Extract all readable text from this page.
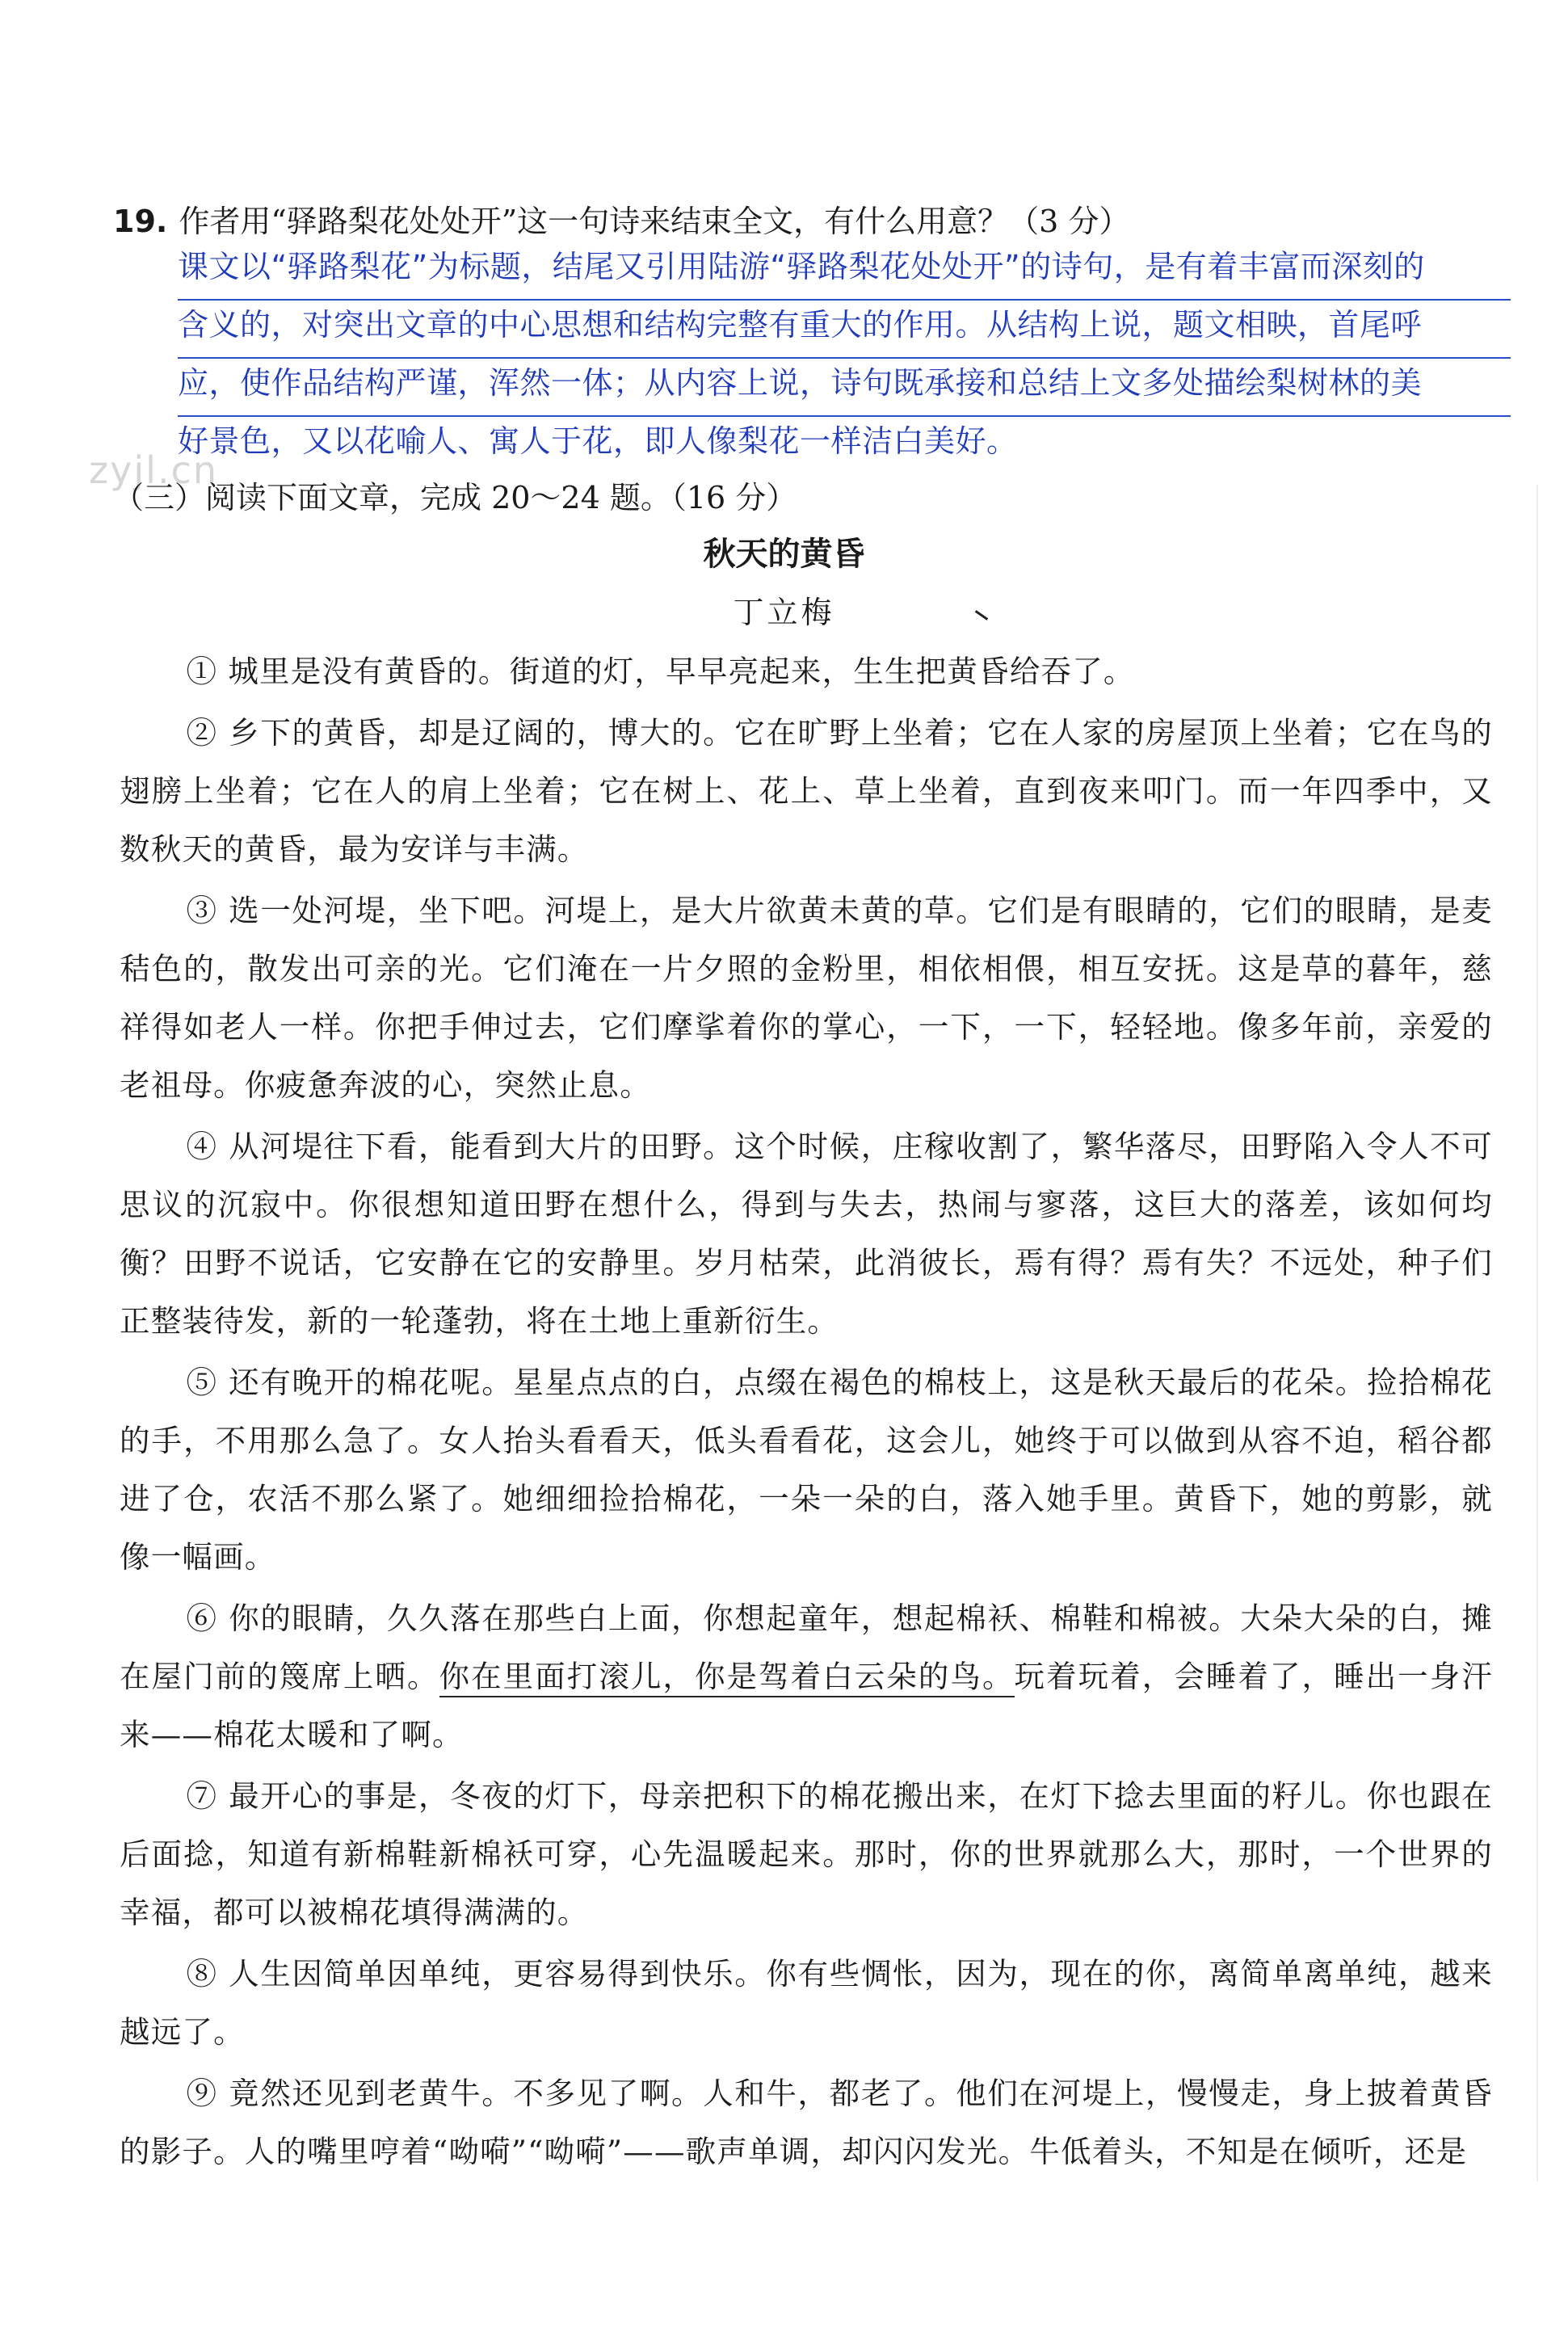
19. 作者用“驿路梨花处处开”这一句诗来结束全文，有什么用意？（3 分）
课文以“驿路梨花”为标题，结尾又引用陆游“驿路梨花处处开”的诗句，是有着丰富而深刻的
含义的，对突出文章的中心思想和结构完整有重大的作用。从结构上说，题文相映，首尾呼
应，使作品结构严谨，浑然一体；从内容上说，诗句既承接和总结上文多处描绘梨树林的美
好景色，又以花喻人、寓人于花，即人像梨花一样洁白美好。
zyjl.cn
（三）阅读下面文章，完成 20～24 题。（16 分）
秋天的黄昏
丁立梅

① 城里是没有黄昏的。街道的灯，早早亮起来，生生把黄昏给吞了。

② 乡下的黄昏，却是辽阔的，博大的。它在旷野上坐着；它在人家的房屋顶上坐着；它在鸟的翅膀上坐着；它在人的肩上坐着；它在树上、花上、草上坐着，直到夜来叩门。而一年四季中，又数秋天的黄昏，最为安详与丰满。

③ 选一处河堤，坐下吧。河堤上，是大片欲黄未黄的草。它们是有眼睛的，它们的眼睛，是麦秸色的，散发出可亲的光。它们淹在一片夕照的金粉里，相依相偎，相互安抚。这是草的暮年，慈祥得如老人一样。你把手伸过去，它们摩挲着你的掌心，一下，一下，轻轻地。像多年前，亲爱的老祖母。你疲惫奔波的心，突然止息。

④ 从河堤往下看，能看到大片的田野。这个时候，庄稼收割了，繁华落尽，田野陷入令人不可思议的沉寂中。你很想知道田野在想什么，得到与失去，热闹与寥落，这巨大的落差，该如何均衡？田野不说话，它安静在它的安静里。岁月枯荣，此消彼长，焉有得？焉有失？不远处，种子们正整装待发，新的一轮蓬勃，将在土地上重新衍生。

⑤ 还有晚开的棉花呢。星星点点的白，点缀在褐色的棉枝上，这是秋天最后的花朵。捡拾棉花的手，不用那么急了。女人抬头看看天，低头看看花，这会儿，她终于可以做到从容不迫，稻谷都进了仓，农活不那么紧了。她细细捡拾棉花，一朵一朵的白，落入她手里。黄昏下，她的剪影，就像一幅画。

⑥ 你的眼睛，久久落在那些白上面，你想起童年，想起棉袄、棉鞋和棉被。大朵大朵的白，摊在屋门前的篾席上晒。你在里面打滚儿，你是驾着白云朵的鸟。玩着玩着，会睡着了，睡出一身汗来——棉花太暖和了啊。

⑦ 最开心的事是，冬夜的灯下，母亲把积下的棉花搬出来，在灯下捻去里面的籽儿。你也跟在后面捻，知道有新棉鞋新棉袄可穿，心先温暖起来。那时，你的世界就那么大，那时，一个世界的幸福，都可以被棉花填得满满的。

⑧ 人生因简单因单纯，更容易得到快乐。你有些惆怅，因为，现在的你，离简单离单纯，越来越远了。

⑨ 竟然还见到老黄牛。不多见了啊。人和牛，都老了。他们在河堤上，慢慢走，身上披着黄昏的影子。人的嘴里哼着“呦嗬”“呦嗬”——歌声单调，却闪闪发光。牛低着头，不知是在倾听，还是
